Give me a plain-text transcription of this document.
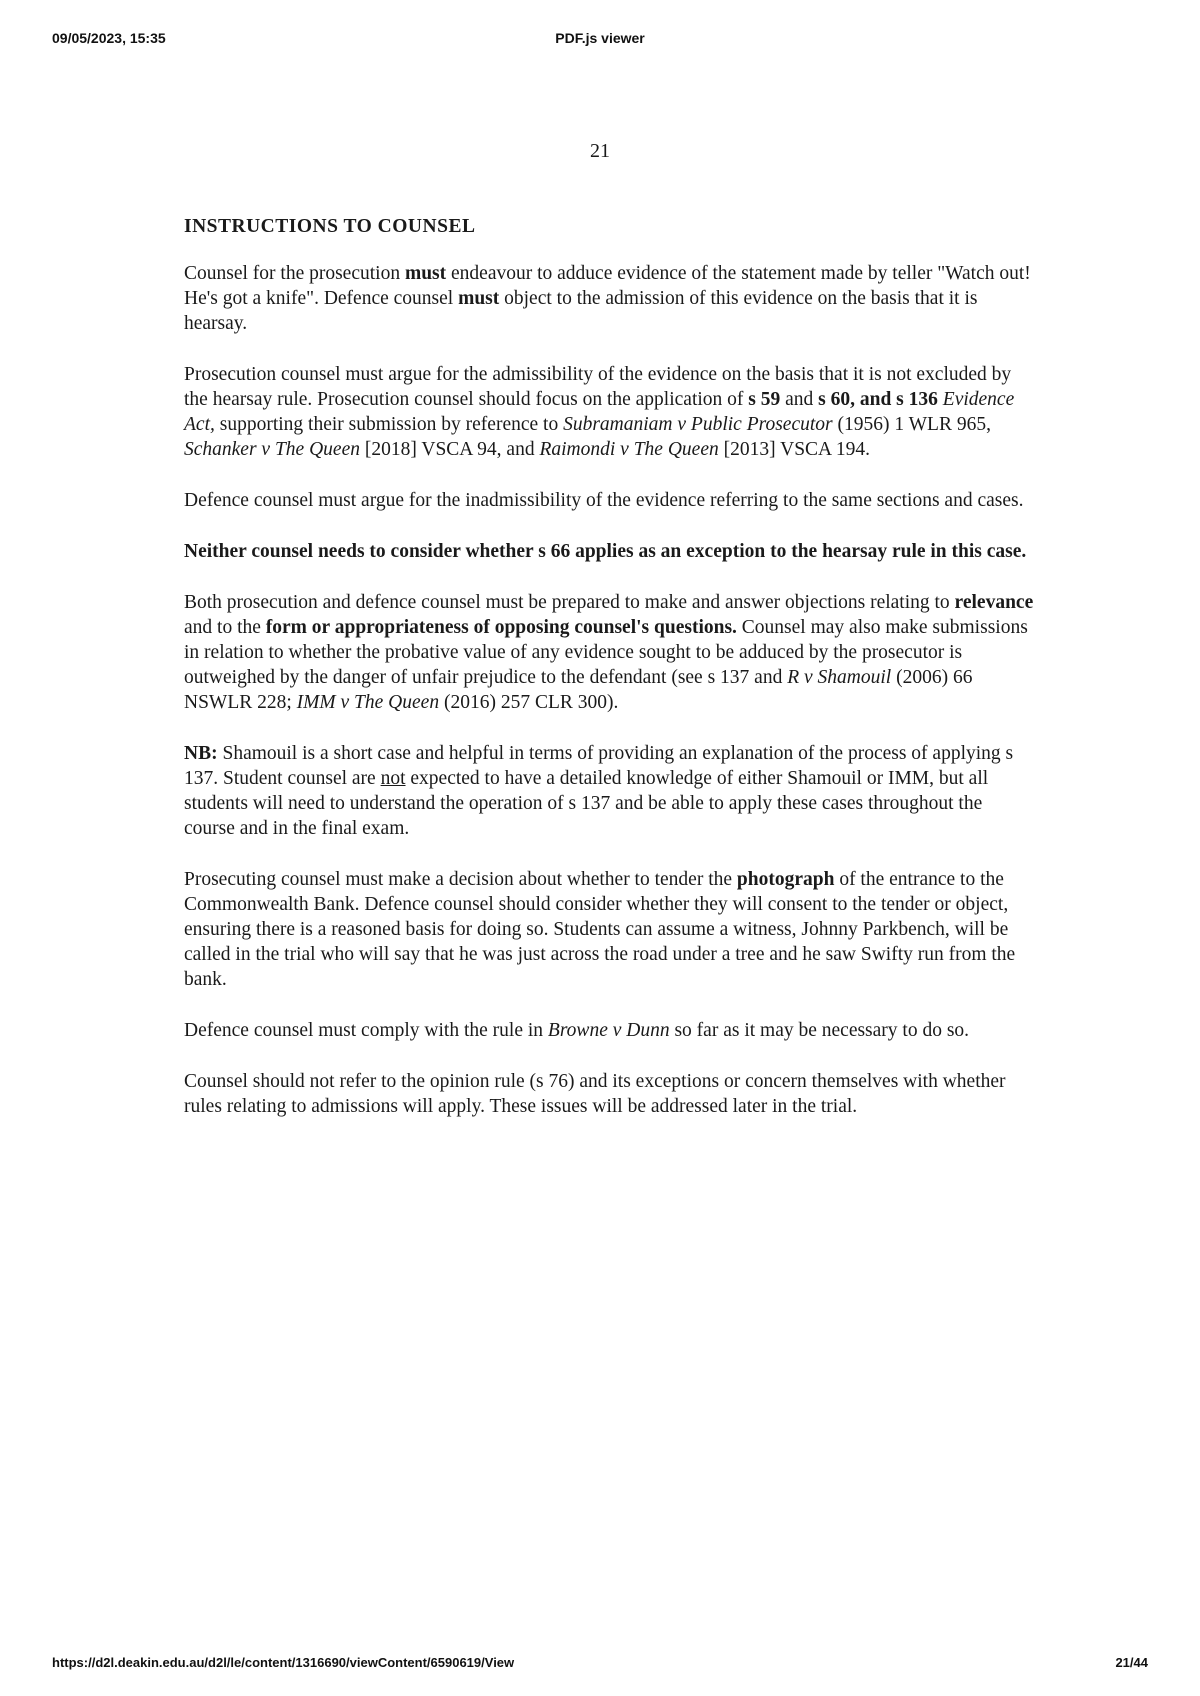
09/05/2023, 15:35	PDF.js viewer
21
INSTRUCTIONS TO COUNSEL

Counsel for the prosecution must endeavour to adduce evidence of the statement made by teller "Watch out! He's got a knife". Defence counsel must object to the admission of this evidence on the basis that it is hearsay.

Prosecution counsel must argue for the admissibility of the evidence on the basis that it is not excluded by the hearsay rule. Prosecution counsel should focus on the application of s 59 and s 60, and s 136 Evidence Act, supporting their submission by reference to Subramaniam v Public Prosecutor (1956) 1 WLR 965, Schanker v The Queen [2018] VSCA 94, and Raimondi v The Queen [2013] VSCA 194.

Defence counsel must argue for the inadmissibility of the evidence referring to the same sections and cases.

Neither counsel needs to consider whether s 66 applies as an exception to the hearsay rule in this case.

Both prosecution and defence counsel must be prepared to make and answer objections relating to relevance and to the form or appropriateness of opposing counsel's questions. Counsel may also make submissions in relation to whether the probative value of any evidence sought to be adduced by the prosecutor is outweighed by the danger of unfair prejudice to the defendant (see s 137 and R v Shamouil (2006) 66 NSWLR 228; IMM v The Queen (2016) 257 CLR 300).

NB: Shamouil is a short case and helpful in terms of providing an explanation of the process of applying s 137. Student counsel are not expected to have a detailed knowledge of either Shamouil or IMM, but all students will need to understand the operation of s 137 and be able to apply these cases throughout the course and in the final exam.

Prosecuting counsel must make a decision about whether to tender the photograph of the entrance to the Commonwealth Bank. Defence counsel should consider whether they will consent to the tender or object, ensuring there is a reasoned basis for doing so. Students can assume a witness, Johnny Parkbench, will be called in the trial who will say that he was just across the road under a tree and he saw Swifty run from the bank.

Defence counsel must comply with the rule in Browne v Dunn so far as it may be necessary to do so.

Counsel should not refer to the opinion rule (s 76) and its exceptions or concern themselves with whether rules relating to admissions will apply. These issues will be addressed later in the trial.

https://d2l.deakin.edu.au/d2l/le/content/1316690/viewContent/6590619/View	21/44
